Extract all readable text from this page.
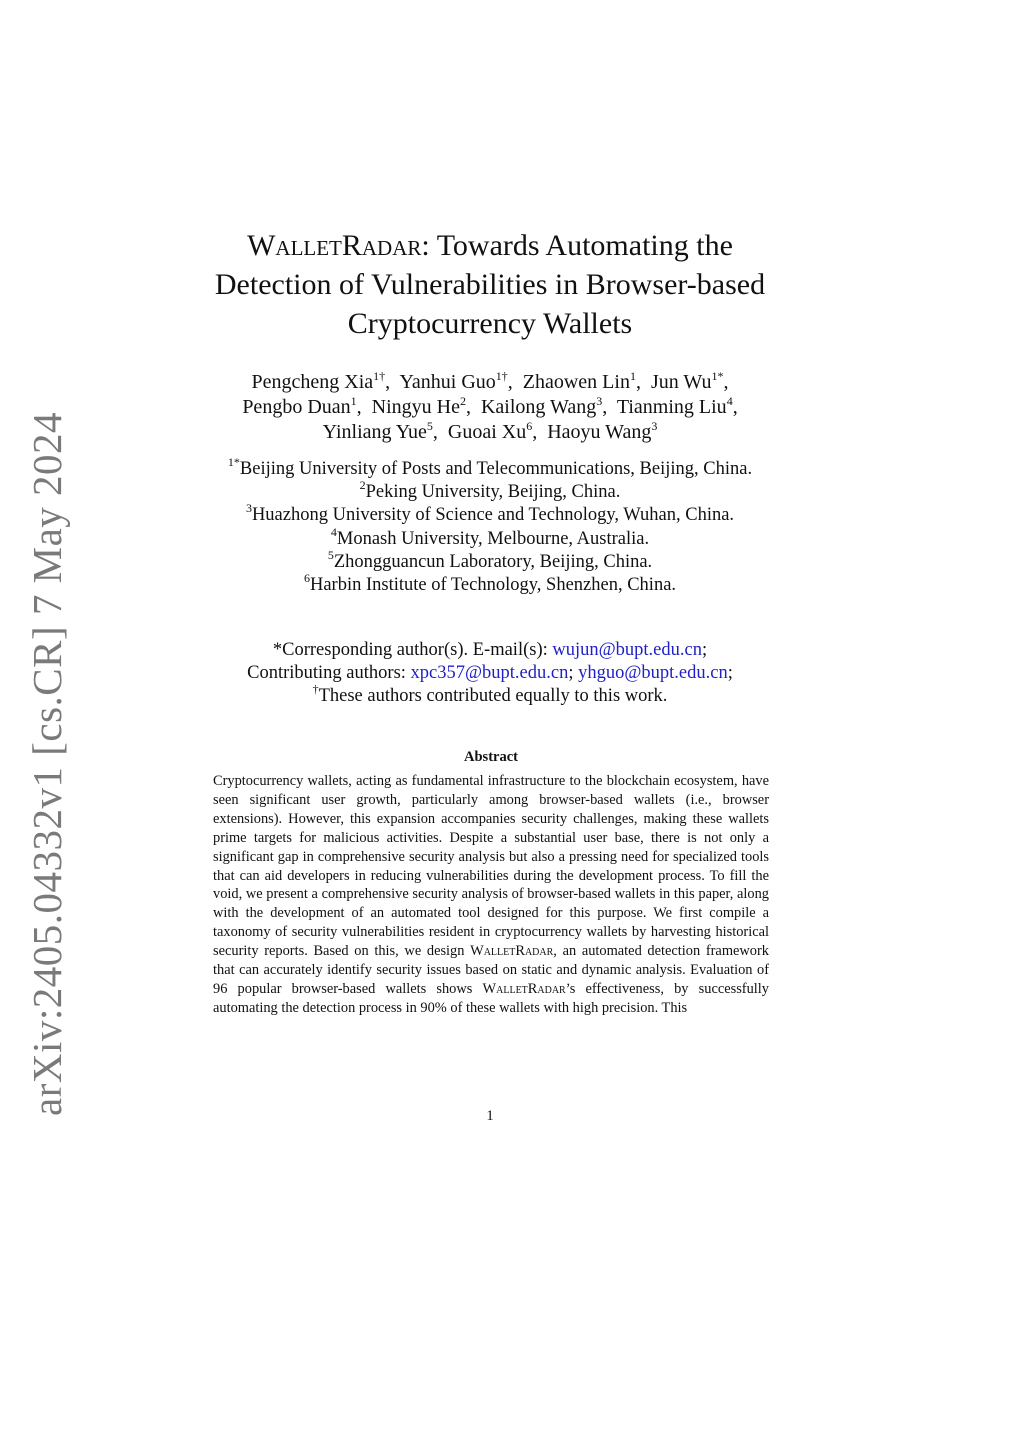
arXiv:2405.04332v1 [cs.CR] 7 May 2024
WalletRadar: Towards Automating the
Detection of Vulnerabilities in Browser-based
Cryptocurrency Wallets
Pengcheng Xia$^{1\dagger}$,  Yanhui Guo$^{1\dagger}$,  Zhaowen Lin$^1$,  Jun $Wu^{1*}$,
Pengbo Duan$^1$,  Ningyu He$^2$,  Kailong Wang$^3$,  Tianming Liu$^4$,
Yinliang Yue$^5$,  Guoai Xu$^6$,  Haoyu Wang$^3$
$^{1*}$Beijing University of Posts and Telecommunications, Beijing, China.
$^2$Peking University, Beijing, China.
$^3$Huazhong University of Science and Technology, Wuhan, China.
$^4$Monash University, Melbourne, Australia.
$^5$Zhongguancun Laboratory, Beijing, China.
$^6$Harbin Institute of Technology, Shenzhen, China.
*Corresponding author(s). E-mail(s): wujun@bupt.edu.cn;
Contributing authors: xpc357@bupt.edu.cn; yhguo@bupt.edu.cn;
†These authors contributed equally to this work.
Abstract

Cryptocurrency wallets, acting as fundamental infrastructure to the blockchain ecosystem, have seen significant user growth, particularly among browser-based wallets (i.e., browser extensions). However, this expansion accompanies security challenges, making these wallets prime targets for malicious activities. Despite a substantial user base, there is not only a significant gap in comprehensive security analysis but also a pressing need for specialized tools that can aid developers in reducing vulnerabilities during the development process. To fill the void, we present a comprehensive security analysis of browser-based wallets in this paper, along with the development of an automated tool designed for this purpose. We first compile a taxonomy of security vulnerabilities resident in cryptocurrency wallets by harvesting historical security reports. Based on this, we design WalletRadar, an automated detection framework that can accurately identify security issues based on static and dynamic analysis. Evaluation of 96 popular browser-based wallets shows WalletRadar’s effectiveness, by successfully automating the detection process in 90% of these wallets with high precision. This

1
